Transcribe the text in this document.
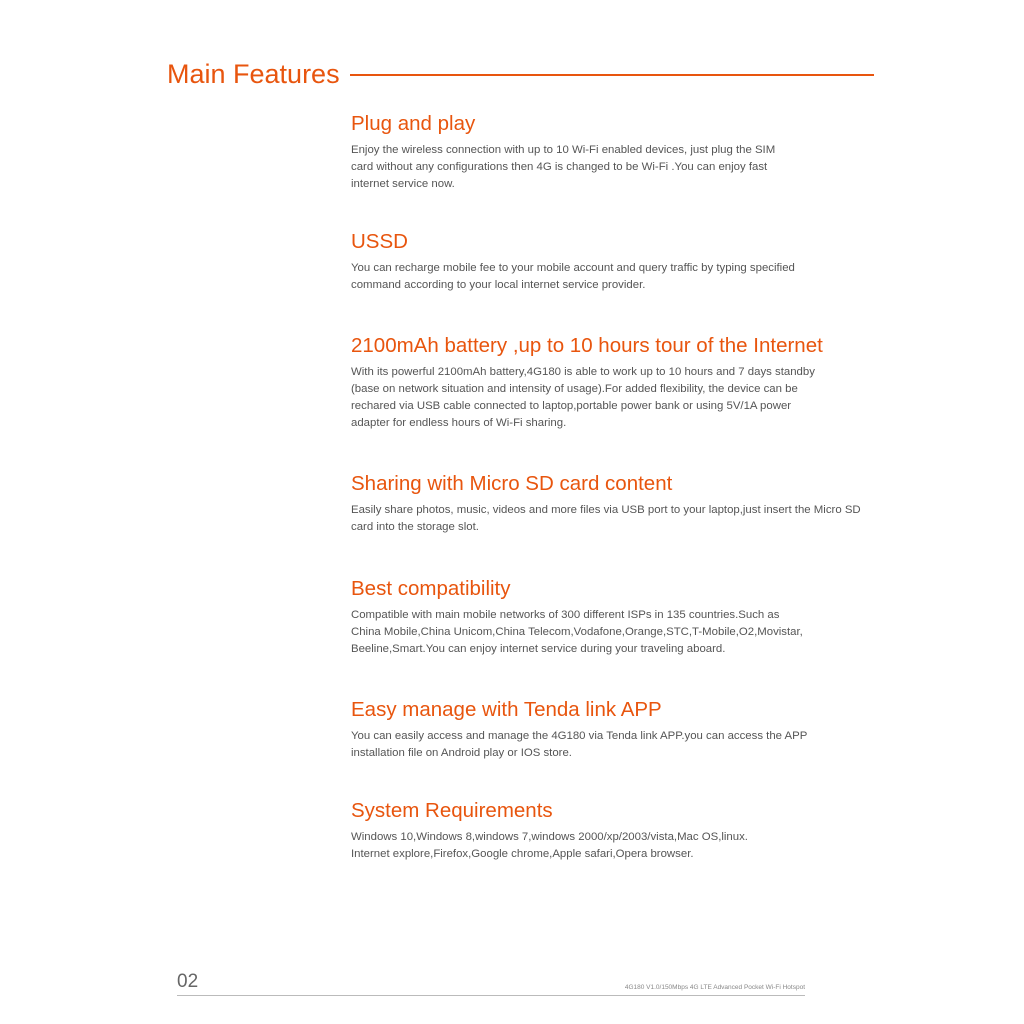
Main Features
Plug and play

Enjoy the wireless connection with up to 10 Wi-Fi enabled devices, just plug the SIM
card without any configurations then 4G is changed to be Wi-Fi .You can enjoy fast
internet service now.

USSD

You can recharge mobile fee to your mobile account and query traffic by typing specified
command according to your local internet service provider.

2100mAh battery ,up to 10 hours tour of the Internet

With its powerful 2100mAh battery,4G180 is able to work up to 10 hours and 7 days standby
(base on network situation and intensity of usage).For added flexibility, the device can be
rechared via USB cable connected to laptop,portable power bank or using 5V/1A power
adapter for endless hours of Wi-Fi sharing.

Sharing with Micro SD card content

Easily share photos, music, videos and more files via USB port to your laptop,just insert the Micro SD
card into the storage slot.

Best compatibility

Compatible with main mobile networks of 300 different ISPs in 135 countries.Such as
China Mobile,China Unicom,China Telecom,Vodafone,Orange,STC,T-Mobile,O2,Movistar,
Beeline,Smart.You can enjoy internet service during your traveling aboard.

Easy manage with Tenda link APP

You can easily access and manage the 4G180 via Tenda link APP.you can access the APP
installation file on Android play or IOS store.

System Requirements

Windows 10,Windows 8,windows 7,windows 2000/xp/2003/vista,Mac OS,linux.
Internet explore,Firefox,Google chrome,Apple safari,Opera browser.

02	4G180 V1.0/150Mbps 4G LTE Advanced Pocket Wi-Fi Hotspot
